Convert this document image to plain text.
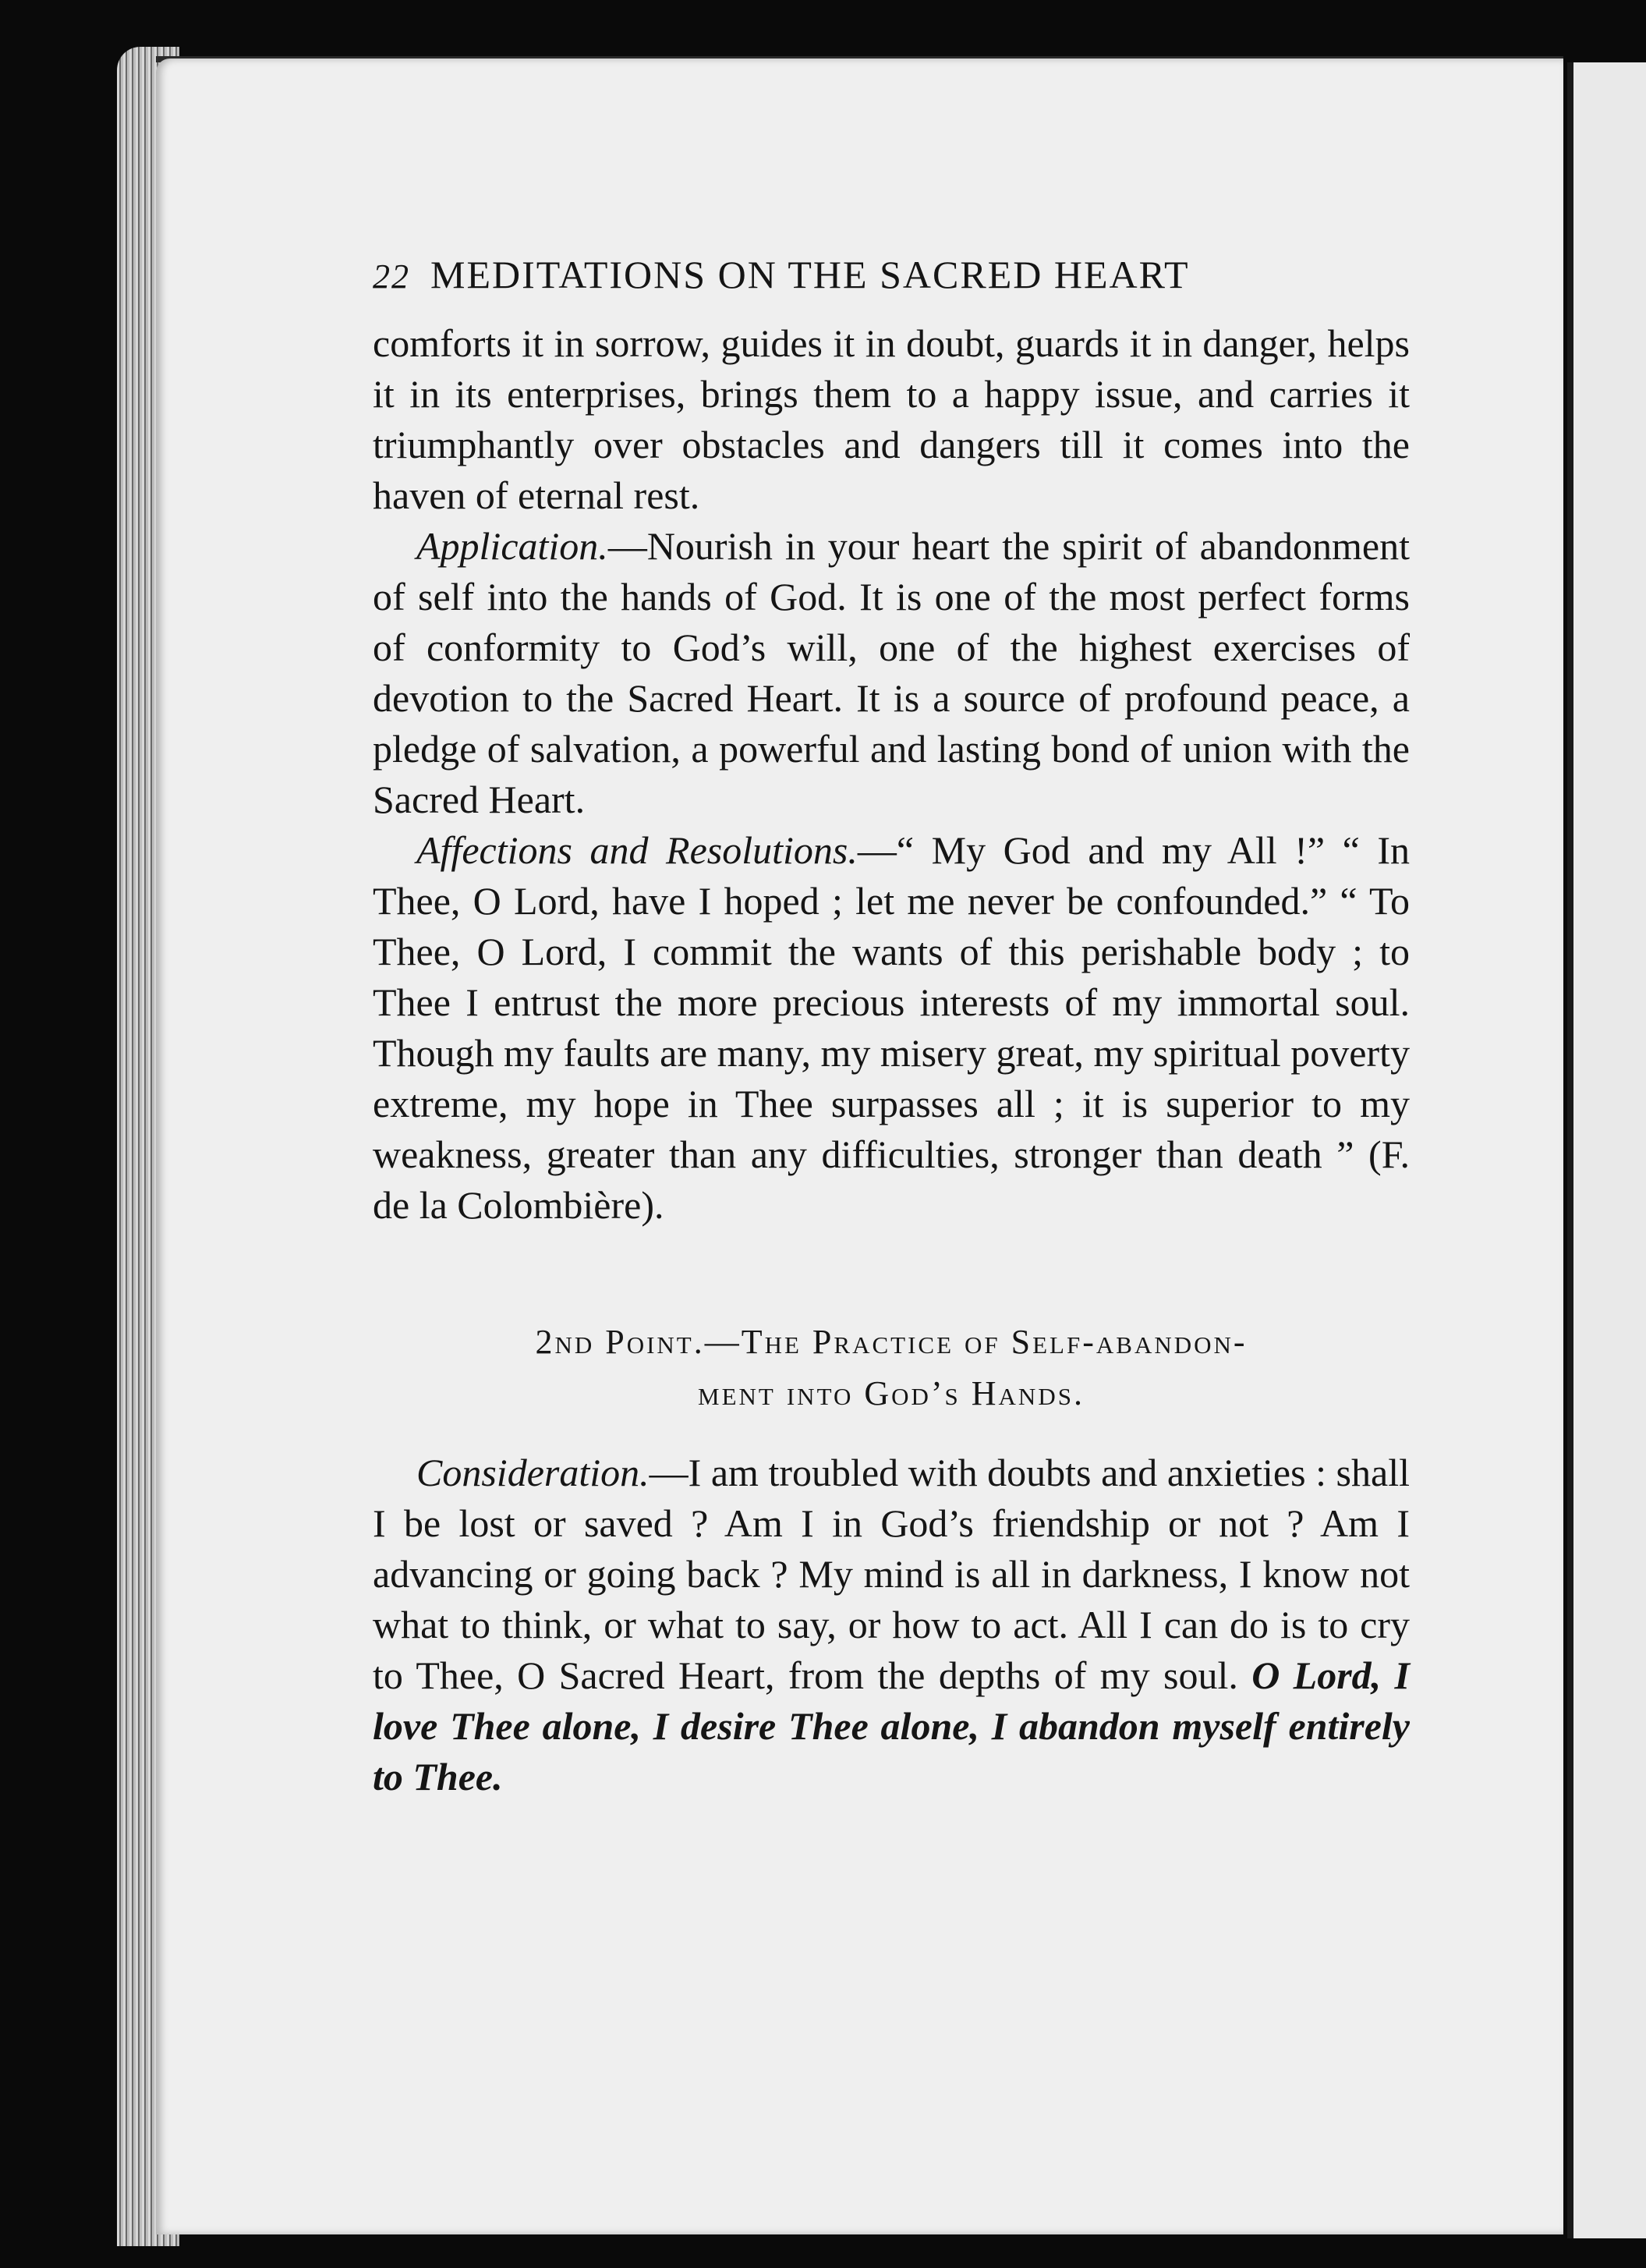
22 MEDITATIONS ON THE SACRED HEART

comforts it in sorrow, guides it in doubt, guards it in danger, helps it in its enterprises, brings them to a happy issue, and carries it triumphantly over obstacles and dangers till it comes into the haven of eternal rest.

Application.—Nourish in your heart the spirit of abandonment of self into the hands of God. It is one of the most perfect forms of conformity to God’s will, one of the highest exercises of devotion to the Sacred Heart. It is a source of profound peace, a pledge of salvation, a powerful and lasting bond of union with the Sacred Heart.

Affections and Resolutions.—“ My God and my All !” “ In Thee, O Lord, have I hoped ; let me never be confounded.” “ To Thee, O Lord, I commit the wants of this perishable body ; to Thee I entrust the more precious interests of my immortal soul. Though my faults are many, my misery great, my spiritual poverty extreme, my hope in Thee surpasses all ; it is superior to my weakness, greater than any difficulties, stronger than death ” (F. de la Colombière).

2nd Point.—The Practice of Self-abandon-
ment into God’s Hands.

Consideration.—I am troubled with doubts and anxieties : shall I be lost or saved ? Am I in God’s friendship or not ? Am I advancing or going back ? My mind is all in darkness, I know not what to think, or what to say, or how to act. All I can do is to cry to Thee, O Sacred Heart, from the depths of my soul. O Lord, I love Thee alone, I desire Thee alone, I abandon myself entirely to Thee.
